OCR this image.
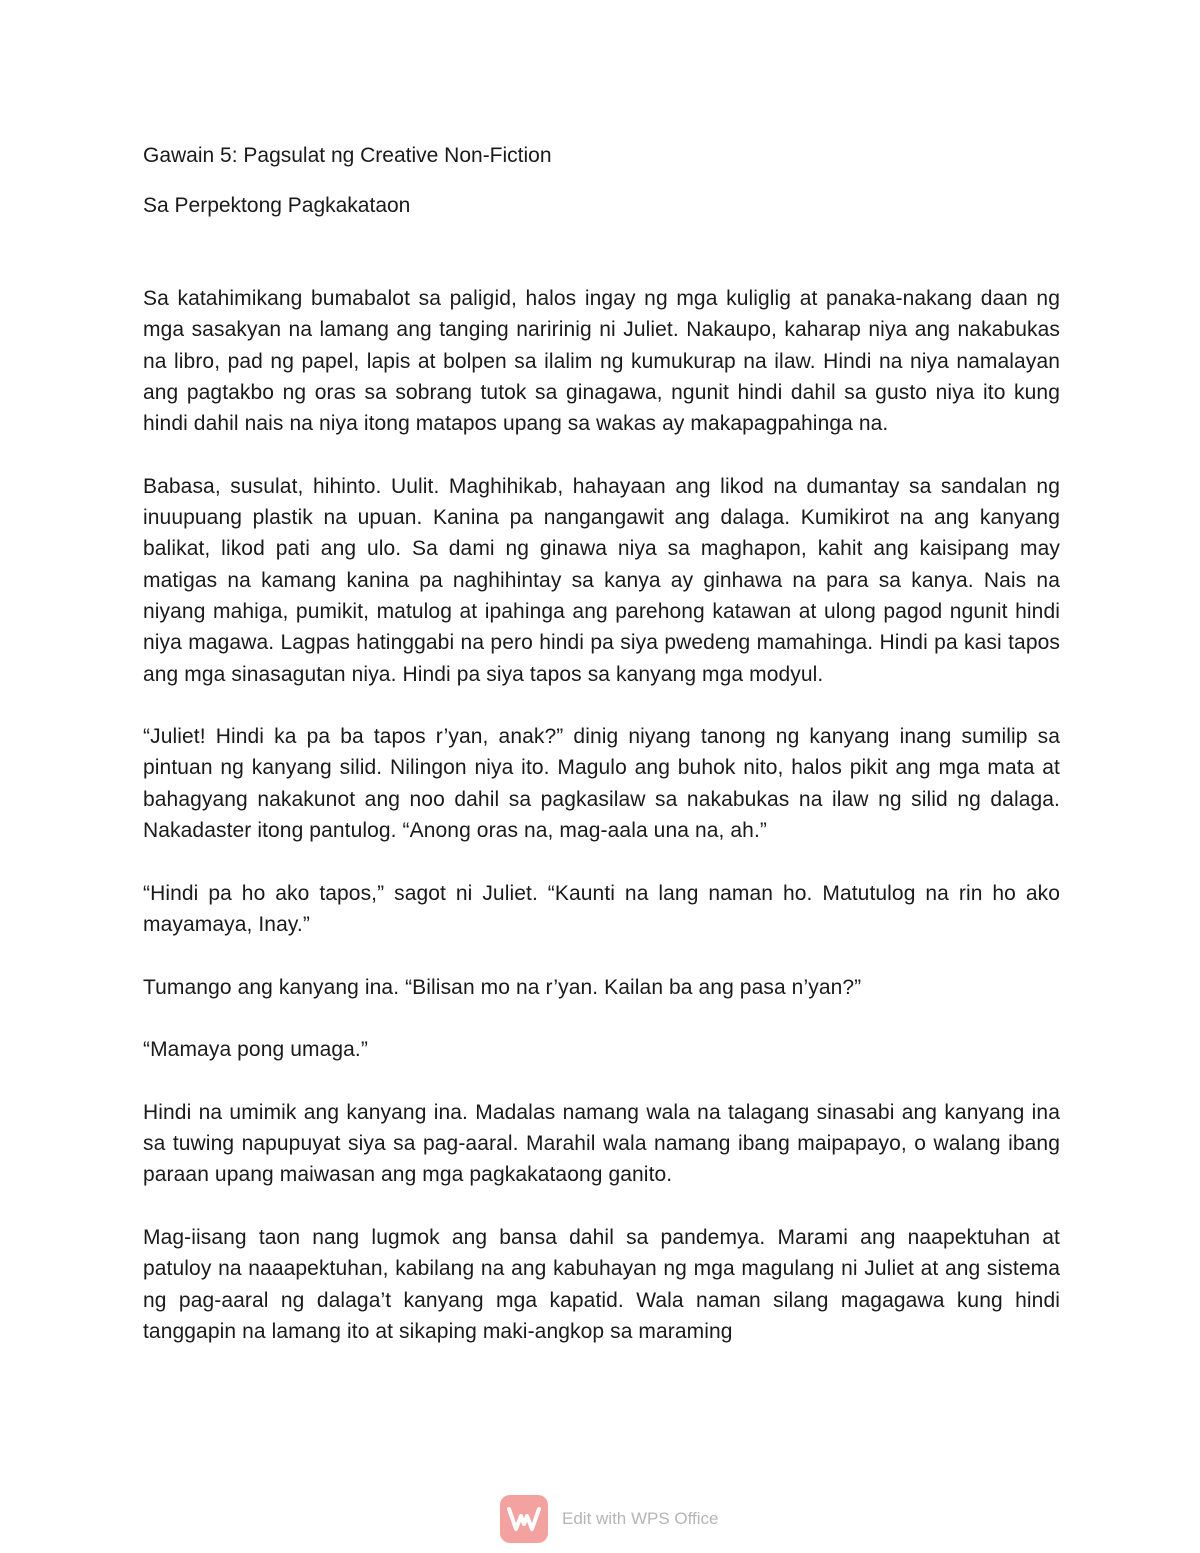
Gawain 5: Pagsulat ng Creative Non-Fiction

Sa Perpektong Pagkakataon

Sa katahimikang bumabalot sa paligid, halos ingay ng mga kuliglig at panaka-nakang daan ng mga sasakyan na lamang ang tanging naririnig ni Juliet. Nakaupo, kaharap niya ang nakabukas na libro, pad ng papel, lapis at bolpen sa ilalim ng kumukurap na ilaw. Hindi na niya namalayan ang pagtakbo ng oras sa sobrang tutok sa ginagawa, ngunit hindi dahil sa gusto niya ito kung hindi dahil nais na niya itong matapos upang sa wakas ay makapagpahinga na.

Babasa, susulat, hihinto. Uulit. Maghihikab, hahayaan ang likod na dumantay sa sandalan ng inuupuang plastik na upuan. Kanina pa nangangawit ang dalaga. Kumikirot na ang kanyang balikat, likod pati ang ulo. Sa dami ng ginawa niya sa maghapon, kahit ang kaisipang may matigas na kamang kanina pa naghihintay sa kanya ay ginhawa na para sa kanya. Nais na niyang mahiga, pumikit, matulog at ipahinga ang parehong katawan at ulong pagod ngunit hindi niya magawa. Lagpas hatinggabi na pero hindi pa siya pwedeng mamahinga. Hindi pa kasi tapos ang mga sinasagutan niya. Hindi pa siya tapos sa kanyang mga modyul.

“Juliet! Hindi ka pa ba tapos r’yan, anak?” dinig niyang tanong ng kanyang inang sumilip sa pintuan ng kanyang silid. Nilingon niya ito. Magulo ang buhok nito, halos pikit ang mga mata at bahagyang nakakunot ang noo dahil sa pagkasilaw sa nakabukas na ilaw ng silid ng dalaga. Nakadaster itong pantulog. “Anong oras na, mag-aala una na, ah.”

“Hindi pa ho ako tapos,” sagot ni Juliet. “Kaunti na lang naman ho. Matutulog na rin ho ako mayamaya, Inay.”

Tumango ang kanyang ina. “Bilisan mo na r’yan. Kailan ba ang pasa n’yan?”

“Mamaya pong umaga.”

Hindi na umimik ang kanyang ina. Madalas namang wala na talagang sinasabi ang kanyang ina sa tuwing napupuyat siya sa pag-aaral. Marahil wala namang ibang maipapayo, o walang ibang paraan upang maiwasan ang mga pagkakataong ganito.

Mag-iisang taon nang lugmok ang bansa dahil sa pandemya. Marami ang naapektuhan at patuloy na naaapektuhan, kabilang na ang kabuhayan ng mga magulang ni Juliet at ang sistema ng pag-aaral ng dalaga’t kanyang mga kapatid. Wala naman silang magagawa kung hindi tanggapin na lamang ito at sikaping maki-angkop sa maraming

Edit with WPS Office
